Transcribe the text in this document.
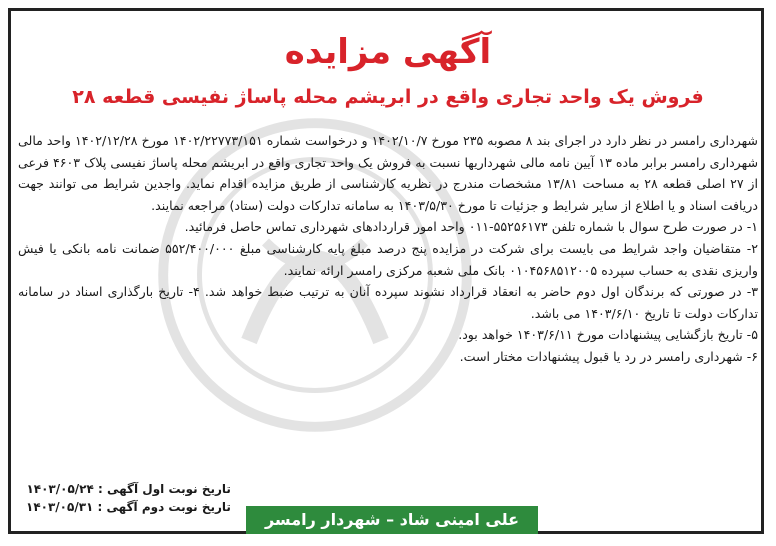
آگهی مزایده
فروش یک واحد تجاری واقع در ابریشم محله پاساژ نفیسی قطعه ۲۸

شهرداری رامسر در نظر دارد در اجرای بند ۸ مصوبه ۲۳۵ مورخ ۱۴۰۲/۱۰/۷ و درخواست شماره ۱۴۰۲/۲۲۷۷۳/۱۵۱ مورخ ۱۴۰۲/۱۲/۲۸ واحد مالی شهرداری رامسر برابر ماده ۱۳ آیین نامه مالی شهرداریها نسبت به فروش یک واحد تجاری واقع در ابریشم محله پاساژ نفیسی پلاک ۴۶۰۳ فرعی از ۲۷ اصلی قطعه ۲۸ به مساحت ۱۳/۸۱ مشخصات مندرج در نظریه کارشناسی از طریق مزایده اقدام نماید. واجدین شرایط می توانند جهت دریافت اسناد و یا اطلاع از سایر شرایط و جزئیات تا مورخ ۱۴۰۳/۵/۳۰ به سامانه تدارکات دولت (ستاد) مراجعه نمایند.

۱- در صورت طرح سوال با شماره تلفن ۵۵۲۵۶۱۷۳-۰۱۱ واحد امور قراردادهای شهرداری تماس حاصل فرمائید.

۲- متقاضیان واجد شرایط می بایست برای شرکت در مزایده پنج درصد مبلغ پایه کارشناسی مبلغ ۵۵۲/۴۰۰/۰۰۰ ضمانت نامه بانکی یا فیش واریزی نقدی به حساب سپرده ۰۱۰۴۵۶۸۵۱۲۰۰۵ بانک ملی شعبه مرکزی رامسر ارائه نمایند.

۳- در صورتی که برندگان اول دوم حاضر به انعقاد قرارداد نشوند سپرده آنان به ترتیب ضبط خواهد شد. ۴- تاریخ بارگذاری اسناد در سامانه تدارکات دولت تا تاریخ ۱۴۰۳/۶/۱۰ می باشد.

۵- تاریخ بازگشایی پیشنهادات مورخ ۱۴۰۳/۶/۱۱ خواهد بود.

۶- شهرداری رامسر در رد یا قبول پیشنهادات مختار است.

تاریخ نوبت اول آگهی : ۱۴۰۳/۰۵/۲۴
تاریخ نوبت دوم آگهی : ۱۴۰۳/۰۵/۳۱
علی امینی شاد – شهردار رامسر
